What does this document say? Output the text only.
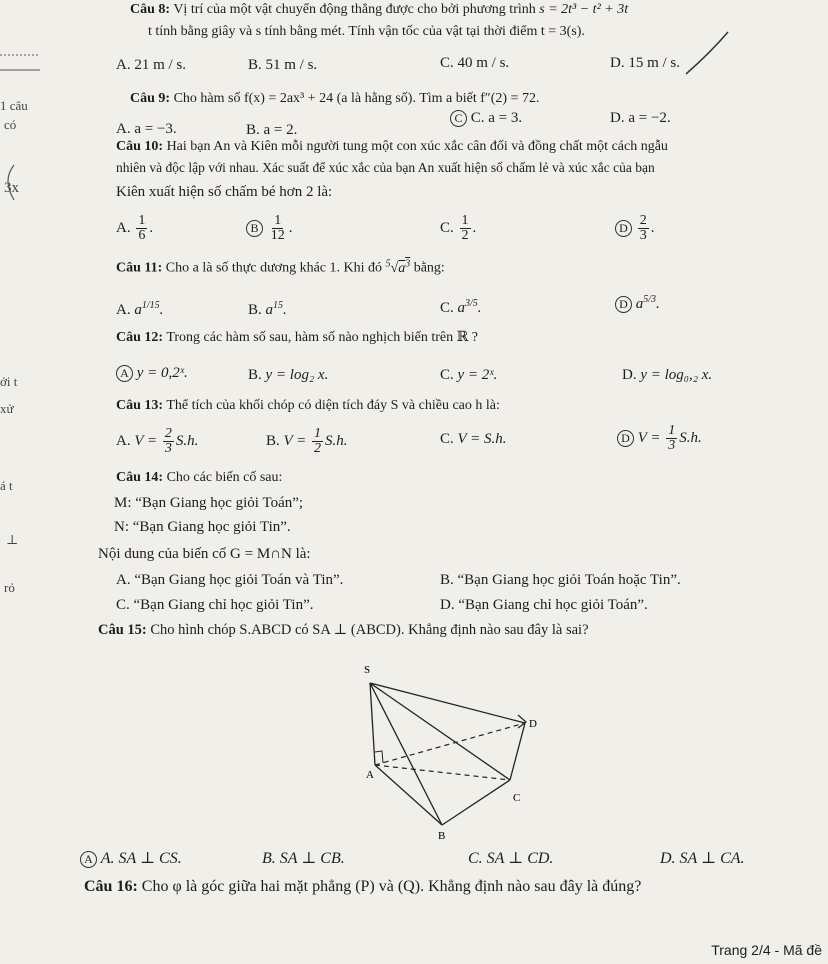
1 câu
có
3x
ới t
xử
á t
⊥
rỏ
Câu 8: Vị trí của một vật chuyển động thẳng được cho bởi phương trình s = 2t³ − t² + 3t
t tính bằng giây và s tính bằng mét. Tính vận tốc của vật tại thời điểm t = 3(s).
A. 21 m / s.	B. 51 m / s.	C. 40 m / s.	D. 15 m / s.
Câu 9: Cho hàm số f(x) = 2ax³ + 24 (a là hằng số). Tìm a biết f″(2) = 72.
A. a = −3.	B. a = 2.
C C. a = 3.	D. a = −2.
Câu 10: Hai bạn An và Kiên mỗi người tung một con xúc xắc cân đối và đồng chất một cách ngẫu
nhiên và độc lập với nhau. Xác suất để xúc xắc của bạn An xuất hiện số chấm lẻ và xúc xắc của bạn
Kiên xuất hiện số chấm bé hơn 2 là:
A. $\frac{1}{6}$ .	B $\frac{1}{12}$ .	C. $\frac{1}{2}$ .	D $\frac{2}{3}$ .
Câu 11: Cho a là số thực dương khác 1. Khi đó $^5√a^3$ bằng:
A. $a^{1/15}$.	B. $a^{15}$.	C. $a^{3/5}$.	D $a^{5/3}$.
Câu 12: Trong các hàm số sau, hàm số nào nghịch biến trên ℝ ?
A y = 0,2ˣ.	B. y = log₂ x.	C. y = 2ˣ.	D. y = log₀,₂ x.
Câu 13: Thể tích của khối chóp có diện tích đáy S và chiều cao h là:
A. $V = \frac{2}{3} S.h$.	B. $V = \frac{1}{2} S.h$.	C. V = S.h.	D $V = \frac{1}{3} S.h$.
Câu 14: Cho các biến cố sau:
M: “Bạn Giang học giỏi Toán”;
N: “Bạn Giang học giỏi Tin”.
Nội dung của biến cố G = M∩N là:
A. “Bạn Giang học giỏi Toán và Tin”.	B. “Bạn Giang học giỏi Toán hoặc Tin”.
C. “Bạn Giang chỉ học giỏi Tin”.	D. “Bạn Giang chỉ học giỏi Toán”.
Câu 15: Cho hình chóp S.ABCD có SA ⊥ (ABCD). Khẳng định nào sau đây là sai?
S
D
A
C
B
A A. SA ⊥ CS.	B. SA ⊥ CB.	C. SA ⊥ CD.	D. SA ⊥ CA.
Câu 16: Cho φ là góc giữa hai mặt phẳng (P) và (Q). Khẳng định nào sau đây là đúng?
Trang 2/4 - Mã đề
